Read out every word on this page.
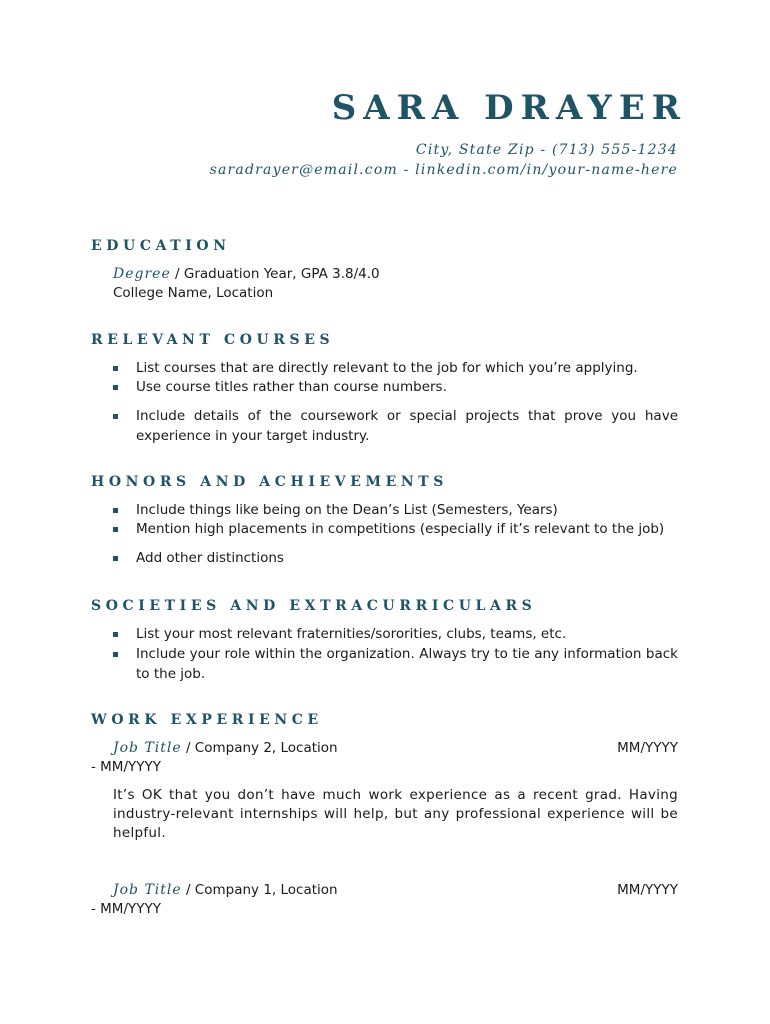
SARA DRAYER
City, State Zip - (713) 555-1234
saradrayer@email.com - linkedin.com/in/your-name-here
EDUCATION
Degree / Graduation Year, GPA 3.8/4.0
College Name, Location
RELEVANT COURSES
List courses that are directly relevant to the job for which you’re applying.
Use course titles rather than course numbers.
Include details of the coursework or special projects that prove you have experience in your target industry.
HONORS AND ACHIEVEMENTS
Include things like being on the Dean’s List (Semesters, Years)
Mention high placements in competitions (especially if it’s relevant to the job)
Add other distinctions
SOCIETIES AND EXTRACURRICULARS
List your most relevant fraternities/sororities, clubs, teams, etc.
Include your role within the organization. Always try to tie any information back to the job.
WORK EXPERIENCE
Job Title / Company 2, Location	MM/YYYY
- MM/YYYY
It’s OK that you don’t have much work experience as a recent grad. Having industry-relevant internships will help, but any professional experience will be helpful.
Job Title / Company 1, Location	MM/YYYY
- MM/YYYY
